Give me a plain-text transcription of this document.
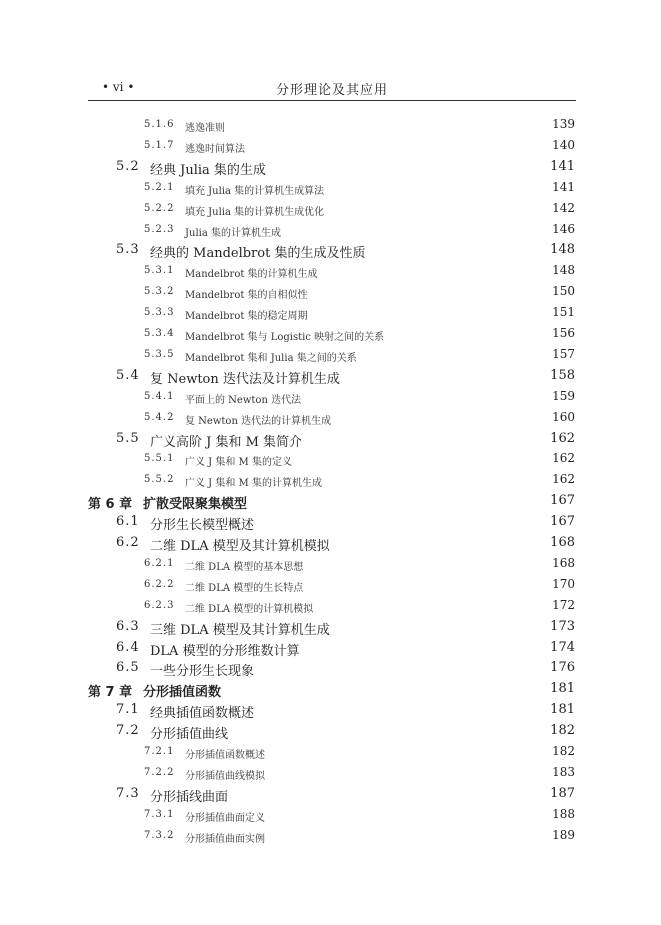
• vi •	分形理论及其应用
5.1.6 逃逸准则	139
5.1.7 逃逸时间算法	140
5.2 经典 Julia 集的生成	141
5.2.1 填充 Julia 集的计算机生成算法	141
5.2.2 填充 Julia 集的计算机生成优化	142
5.2.3 Julia 集的计算机生成	146
5.3 经典的 Mandelbrot 集的生成及性质	148
5.3.1 Mandelbrot 集的计算机生成	148
5.3.2 Mandelbrot 集的自相似性	150
5.3.3 Mandelbrot 集的稳定周期	151
5.3.4 Mandelbrot 集与 Logistic 映射之间的关系	156
5.3.5 Mandelbrot 集和 Julia 集之间的关系	157
5.4 复 Newton 迭代法及计算机生成	158
5.4.1 平面上的 Newton 迭代法	159
5.4.2 复 Newton 迭代法的计算机生成	160
5.5 广义高阶 J 集和 M 集简介	162
5.5.1 广义 J 集和 M 集的定义	162
5.5.2 广义 J 集和 M 集的计算机生成	162
第 6 章 扩散受限聚集模型	167
6.1 分形生长模型概述	167
6.2 二维 DLA 模型及其计算机模拟	168
6.2.1 二维 DLA 模型的基本思想	168
6.2.2 二维 DLA 模型的生长特点	170
6.2.3 二维 DLA 模型的计算机模拟	172
6.3 三维 DLA 模型及其计算机生成	173
6.4 DLA 模型的分形维数计算	174
6.5 一些分形生长现象	176
第 7 章 分形插值函数	181
7.1 经典插值函数概述	181
7.2 分形插值曲线	182
7.2.1 分形插值函数概述	182
7.2.2 分形插值曲线模拟	183
7.3 分形插线曲面	187
7.3.1 分形插值曲面定义	188
7.3.2 分形插值曲面实例	189
